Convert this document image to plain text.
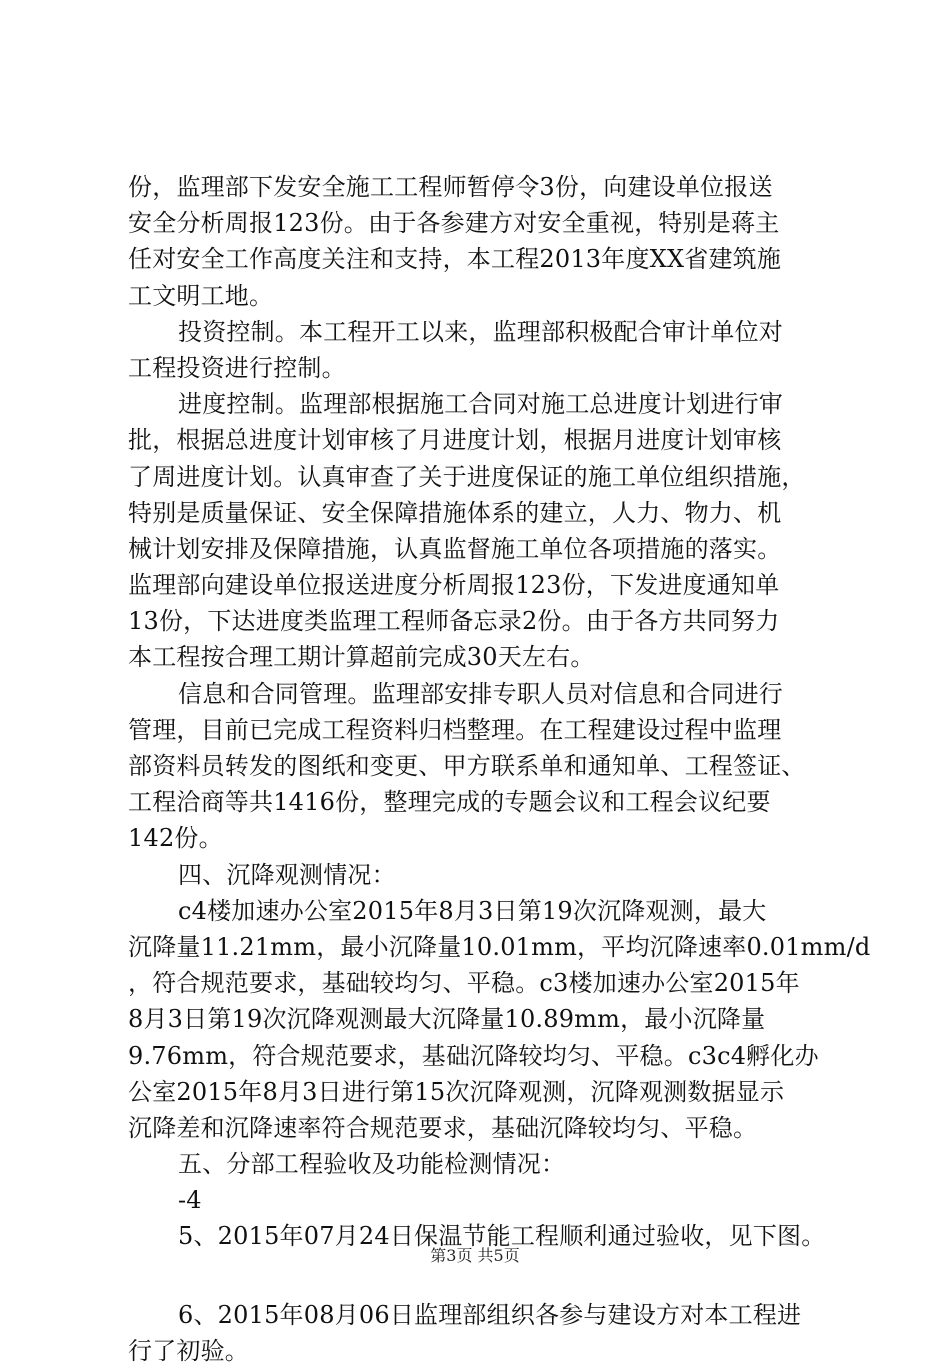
份，监理部下发安全施工工程师暂停令3份，向建设单位报送
安全分析周报123份。由于各参建方对安全重视，特别是蒋主
任对安全工作高度关注和支持，本工程2013年度XX省建筑施
工文明工地。
投资控制。本工程开工以来，监理部积极配合审计单位对
工程投资进行控制。
进度控制。监理部根据施工合同对施工总进度计划进行审
批，根据总进度计划审核了月进度计划，根据月进度计划审核
了周进度计划。认真审查了关于进度保证的施工单位组织措施，
特别是质量保证、安全保障措施体系的建立，人力、物力、机
械计划安排及保障措施，认真监督施工单位各项措施的落实。
监理部向建设单位报送进度分析周报123份，下发进度通知单
13份，下达进度类监理工程师备忘录2份。由于各方共同努力
本工程按合理工期计算超前完成30天左右。
信息和合同管理。监理部安排专职人员对信息和合同进行
管理，目前已完成工程资料归档整理。在工程建设过程中监理
部资料员转发的图纸和变更、甲方联系单和通知单、工程签证、
工程洽商等共1416份，整理完成的专题会议和工程会议纪要
142份。
四、沉降观测情况：
c4楼加速办公室2015年8月3日第19次沉降观测，最大
沉降量11.21mm，最小沉降量10.01mm，平均沉降速率0.01mm/d
，符合规范要求，基础较均匀、平稳。c3楼加速办公室2015年
8月3日第19次沉降观测最大沉降量10.89mm，最小沉降量
9.76mm，符合规范要求，基础沉降较均匀、平稳。c3c4孵化办
公室2015年8月3日进行第15次沉降观测，沉降观测数据显示
沉降差和沉降速率符合规范要求，基础沉降较均匀、平稳。
五、分部工程验收及功能检测情况：
-4
5、2015年07月24日保温节能工程顺利通过验收，见下图。
6、2015年08月06日监理部组织各参与建设方对本工程进
行了初验。
第3页 共5页
